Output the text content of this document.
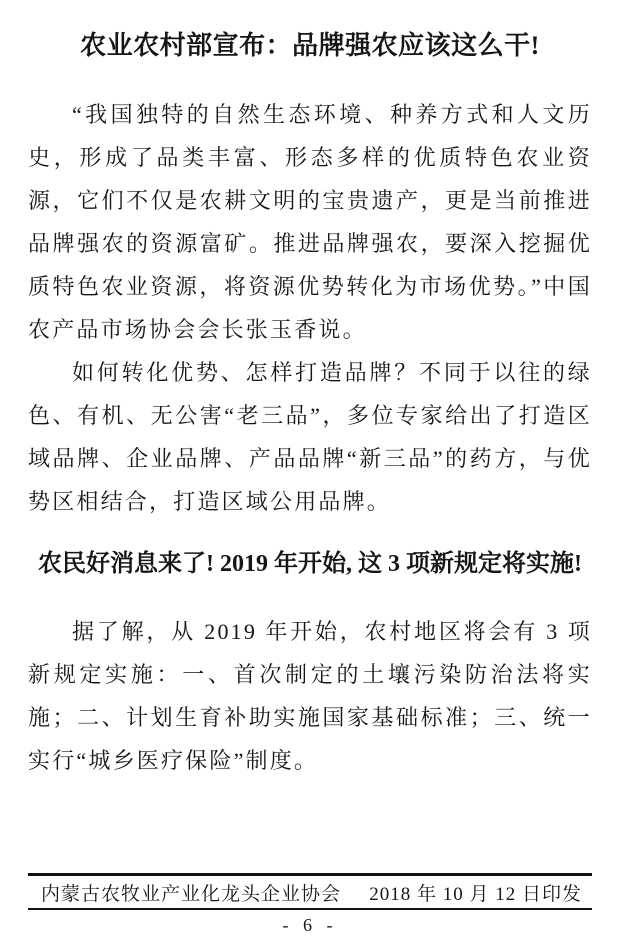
农业农村部宣布：品牌强农应该这么干!

“我国独特的自然生态环境、种养方式和人文历史，形成了品类丰富、形态多样的优质特色农业资源，它们不仅是农耕文明的宝贵遗产，更是当前推进品牌强农的资源富矿。推进品牌强农，要深入挖掘优质特色农业资源，将资源优势转化为市场优势。”中国农产品市场协会会长张玉香说。

如何转化优势、怎样打造品牌？不同于以往的绿色、有机、无公害“老三品”，多位专家给出了打造区域品牌、企业品牌、产品品牌“新三品”的药方，与优势区相结合，打造区域公用品牌。

农民好消息来了! 2019 年开始, 这 3 项新规定将实施!

据了解，从 2019 年开始，农村地区将会有 3 项新规定实施：一、首次制定的土壤污染防治法将实施；二、计划生育补助实施国家基础标准；三、统一实行“城乡医疗保险”制度。

内蒙古农牧业产业化龙头企业协会 2018 年 10 月 12 日印发
- 6 -
